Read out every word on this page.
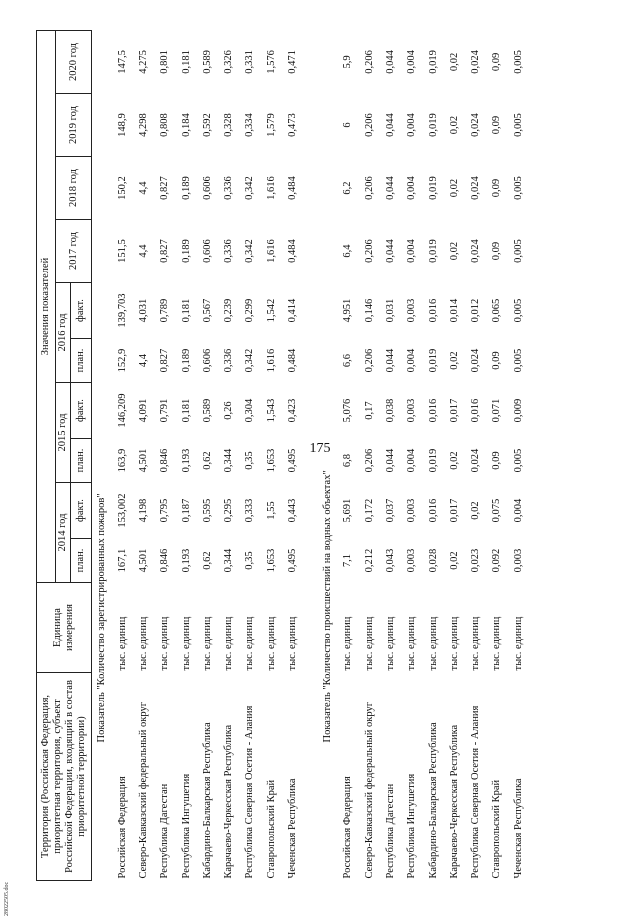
175
Территория (Российская Федерация, приоритетная территория, субъект Российской Федерации, входящий в состав приоритетной территории)	Единица измерения	Значения показателей									
		2014 год		2015 год		2016 год		2017 год	2018 год	2019 год	2020 год
		план.	факт.	план.	факт.	план.	факт.				
Показатель "Количество зарегистрированных пожаров"											
Российская Федерация	тыс. единиц	167,1	153,002	163,9	146,209	152,9	139,703	151,5	150,2	148,9	147,5
Северо-Кавказский федеральный округ	тыс. единиц	4,501	4,198	4,501	4,091	4,4	4,031	4,4	4,4	4,298	4,275
Республика Дагестан	тыс. единиц	0,846	0,795	0,846	0,791	0,827	0,789	0,827	0,827	0,808	0,801
Республика Ингушетия	тыс. единиц	0,193	0,187	0,193	0,181	0,189	0,181	0,189	0,189	0,184	0,181
Кабардино-Балкарская Республика	тыс. единиц	0,62	0,595	0,62	0,589	0,606	0,567	0,606	0,606	0,592	0,589
Карачаево-Черкесская Республика	тыс. единиц	0,344	0,295	0,344	0,26	0,336	0,239	0,336	0,336	0,328	0,326
Республика Северная Осетия - Алания	тыс. единиц	0,35	0,333	0,35	0,304	0,342	0,299	0,342	0,342	0,334	0,331
Ставропольский Край	тыс. единиц	1,653	1,55	1,653	1,543	1,616	1,542	1,616	1,616	1,579	1,576
Чеченская Республика	тыс. единиц	0,495	0,443	0,495	0,423	0,484	0,414	0,484	0,484	0,473	0,471

Показатель "Количество происшествий на водных объектах"											
Российская Федерация	тыс. единиц	7,1	5,691	6,8	5,076	6,6	4,951	6,4	6,2	6	5,9
Северо-Кавказский федеральный округ	тыс. единиц	0,212	0,172	0,206	0,17	0,206	0,146	0,206	0,206	0,206	0,206
Республика Дагестан	тыс. единиц	0,043	0,037	0,044	0,038	0,044	0,031	0,044	0,044	0,044	0,044
Республика Ингушетия	тыс. единиц	0,003	0,003	0,004	0,003	0,004	0,003	0,004	0,004	0,004	0,004
Кабардино-Балкарская Республика	тыс. единиц	0,028	0,016	0,019	0,016	0,019	0,016	0,019	0,019	0,019	0,019
Карачаево-Черкесская Республика	тыс. единиц	0,02	0,017	0,02	0,017	0,02	0,014	0,02	0,02	0,02	0,02
Республика Северная Осетия - Алания	тыс. единиц	0,023	0,02	0,024	0,016	0,024	0,012	0,024	0,024	0,024	0,024
Ставропольский Край	тыс. единиц	0,092	0,075	0,09	0,071	0,09	0,065	0,09	0,09	0,09	0,09
Чеченская Республика	тыс. единиц	0,003	0,004	0,005	0,009	0,005	0,005	0,005	0,005	0,005	0,005
28022505.doc
